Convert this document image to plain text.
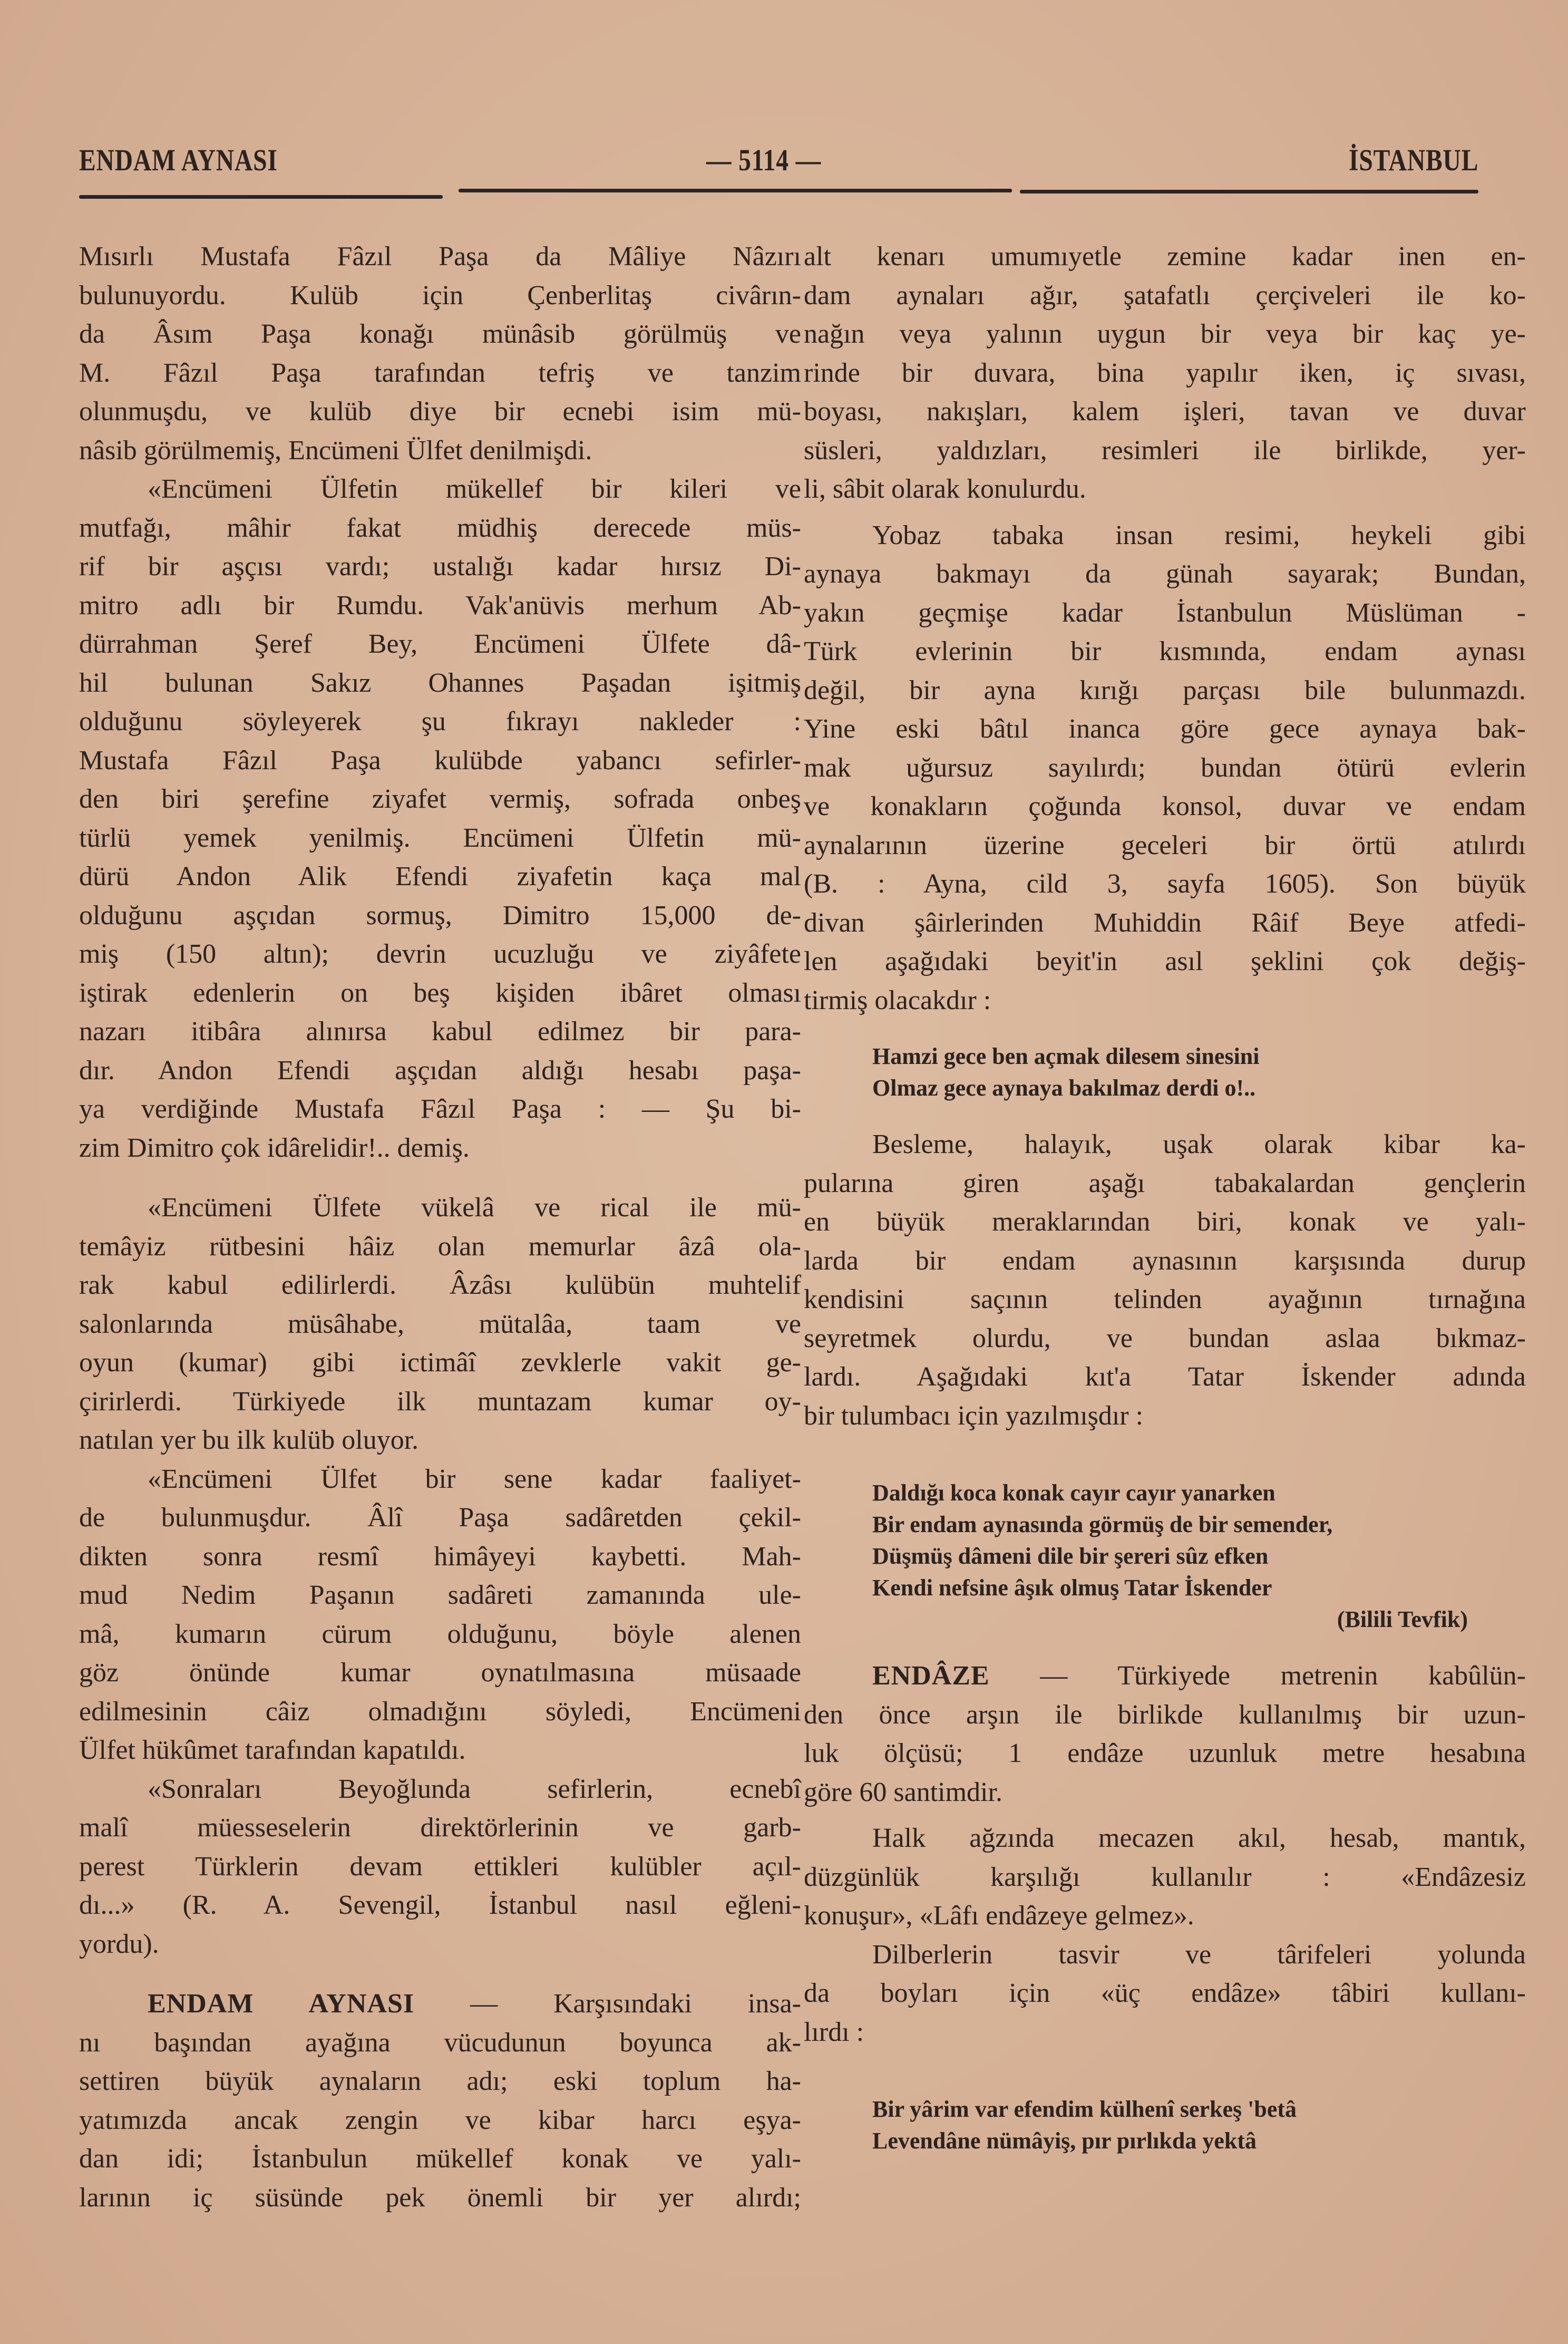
ENDAM AYNASI	— 5114 —	İSTANBUL
Mısırlı Mustafa Fâzıl Paşa da Mâliye Nâzırı
bulunuyordu. Kulüb için Çenberlitaş civârın-
da Âsım Paşa konağı münâsib görülmüş ve
M. Fâzıl Paşa tarafından tefriş ve tanzim
olunmuşdu, ve kulüb diye bir ecnebi isim mü-
nâsib görülmemiş, Encümeni Ülfet denilmişdi.
«Encümeni Ülfetin mükellef bir kileri ve
mutfağı, mâhir fakat müdhiş derecede müs-
rif bir aşçısı vardı; ustalığı kadar hırsız Di-
mitro adlı bir Rumdu. Vak'anüvis merhum Ab-
dürrahman Şeref Bey, Encümeni Ülfete dâ-
hil bulunan Sakız Ohannes Paşadan işitmiş
olduğunu söyleyerek şu fıkrayı nakleder :
Mustafa Fâzıl Paşa kulübde yabancı sefirler-
den biri şerefine ziyafet vermiş, sofrada onbeş
türlü yemek yenilmiş. Encümeni Ülfetin mü-
dürü Andon Alik Efendi ziyafetin kaça mal
olduğunu aşçıdan sormuş, Dimitro 15,000 de-
miş (150 altın); devrin ucuzluğu ve ziyâfete
iştirak edenlerin on beş kişiden ibâret olması
nazarı itibâra alınırsa kabul edilmez bir para-
dır. Andon Efendi aşçıdan aldığı hesabı paşa-
ya verdiğinde Mustafa Fâzıl Paşa : — Şu bi-
zim Dimitro çok idârelidir!.. demiş.
«Encümeni Ülfete vükelâ ve rical ile mü-
temâyiz rütbesini hâiz olan memurlar âzâ ola-
rak kabul edilirlerdi. Âzâsı kulübün muhtelif
salonlarında müsâhabe, mütalâa, taam ve
oyun (kumar) gibi ictimâî zevklerle vakit ge-
çirirlerdi. Türkiyede ilk muntazam kumar oy-
natılan yer bu ilk kulüb oluyor.
«Encümeni Ülfet bir sene kadar faaliyet-
de bulunmuşdur. Âlî Paşa sadâretden çekil-
dikten sonra resmî himâyeyi kaybetti. Mah-
mud Nedim Paşanın sadâreti zamanında ule-
mâ, kumarın cürum olduğunu, böyle alenen
göz önünde kumar oynatılmasına müsaade
edilmesinin câiz olmadığını söyledi, Encümeni
Ülfet hükûmet tarafından kapatıldı.
«Sonraları Beyoğlunda sefirlerin, ecnebî
malî müesseselerin direktörlerinin ve garb-
perest Türklerin devam ettikleri kulübler açıl-
dı...» (R. A. Sevengil, İstanbul nasıl eğleni-
yordu).
ENDAM AYNASI — Karşısındaki insa-
nı başından ayağına vücudunun boyunca ak-
settiren büyük aynaların adı; eski toplum ha-
yatımızda ancak zengin ve kibar harcı eşya-
dan idi; İstanbulun mükellef konak ve yalı-
larının iç süsünde pek önemli bir yer alırdı;
alt kenarı umumıyetle zemine kadar inen en-
dam aynaları ağır, şatafatlı çerçiveleri ile ko-
nağın veya yalının uygun bir veya bir kaç ye-
rinde bir duvara, bina yapılır iken, iç sıvası,
boyası, nakışları, kalem işleri, tavan ve duvar
süsleri, yaldızları, resimleri ile birlikde, yer-
li, sâbit olarak konulurdu.
Yobaz tabaka insan resimi, heykeli gibi
aynaya bakmayı da günah sayarak; Bundan,
yakın geçmişe kadar İstanbulun Müslüman -
Türk evlerinin bir kısmında, endam aynası
değil, bir ayna kırığı parçası bile bulunmazdı.
Yine eski bâtıl inanca göre gece aynaya bak-
mak uğursuz sayılırdı; bundan ötürü evlerin
ve konakların çoğunda konsol, duvar ve endam
aynalarının üzerine geceleri bir örtü atılırdı
(B. : Ayna, cild 3, sayfa 1605). Son büyük
divan şâirlerinden Muhiddin Râif Beye atfedi-
len aşağıdaki beyit'in asıl şeklini çok değiş-
tirmiş olacakdır :
Hamzi gece ben açmak dilesem sinesini
Olmaz gece aynaya bakılmaz derdi o!..
Besleme, halayık, uşak olarak kibar ka-
pularına giren aşağı tabakalardan gençlerin
en büyük meraklarından biri, konak ve yalı-
larda bir endam aynasının karşısında durup
kendisini saçının telinden ayağının tırnağına
seyretmek olurdu, ve bundan aslaa bıkmaz-
lardı. Aşağıdaki kıt'a Tatar İskender adında
bir tulumbacı için yazılmışdır :
Daldığı koca konak cayır cayır yanarken
Bir endam aynasında görmüş de bir semender,
Düşmüş dâmeni dile bir şereri sûz efken
Kendi nefsine âşık olmuş Tatar İskender
(Bilili Tevfik)
ENDÂZE — Türkiyede metrenin kabûlün-
den önce arşın ile birlikde kullanılmış bir uzun-
luk ölçüsü; 1 endâze uzunluk metre hesabına
göre 60 santimdir.
Halk ağzında mecazen akıl, hesab, mantık,
düzgünlük karşılığı kullanılır : «Endâzesiz
konuşur», «Lâfı endâzeye gelmez».
Dilberlerin tasvir ve târifeleri yolunda
da boyları için «üç endâze» tâbiri kullanı-
lırdı :
Bir yârim var efendim külhenî serkeş 'betâ
Levendâne nümâyiş, pır pırlıkda yektâ
